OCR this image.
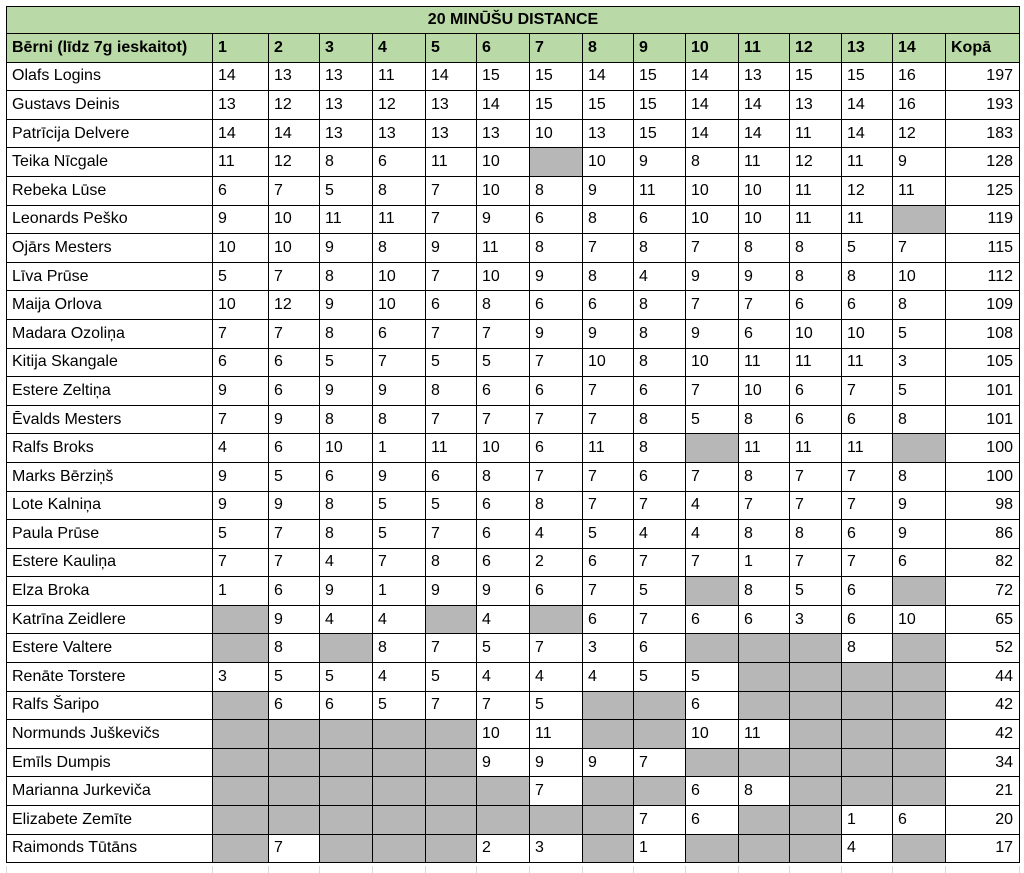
20 MINŪŠU DISTANCE															
Bērni (līdz 7g ieskaitot)	1	2	3	4	5	6	7	8	9	10	11	12	13	14	Kopā
Olafs Logins	14	13	13	11	14	15	15	14	15	14	13	15	15	16	197
Gustavs Deinis	13	12	13	12	13	14	15	15	15	14	14	13	14	16	193
Patrīcija Delvere	14	14	13	13	13	13	10	13	15	14	14	11	14	12	183
Teika Nīcgale	11	12	8	6	11	10		10	9	8	11	12	11	9	128
Rebeka Lūse	6	7	5	8	7	10	8	9	11	10	10	11	12	11	125
Leonards Peško	9	10	11	11	7	9	6	8	6	10	10	11	11		119
Ojārs Mesters	10	10	9	8	9	11	8	7	8	7	8	8	5	7	115
Līva Prūse	5	7	8	10	7	10	9	8	4	9	9	8	8	10	112
Maija Orlova	10	12	9	10	6	8	6	6	8	7	7	6	6	8	109
Madara Ozoliņa	7	7	8	6	7	7	9	9	8	9	6	10	10	5	108
Kitija Skangale	6	6	5	7	5	5	7	10	8	10	11	11	11	3	105
Estere Zeltiņa	9	6	9	9	8	6	6	7	6	7	10	6	7	5	101
Ēvalds Mesters	7	9	8	8	7	7	7	7	8	5	8	6	6	8	101
Ralfs Broks	4	6	10	1	11	10	6	11	8		11	11	11		100
Marks Bērziņš	9	5	6	9	6	8	7	7	6	7	8	7	7	8	100
Lote Kalniņa	9	9	8	5	5	6	8	7	7	4	7	7	7	9	98
Paula Prūse	5	7	8	5	7	6	4	5	4	4	8	8	6	9	86
Estere Kauliņa	7	7	4	7	8	6	2	6	7	7	1	7	7	6	82
Elza Broka	1	6	9	1	9	9	6	7	5		8	5	6		72
Katrīna Zeidlere		9	4	4		4		6	7	6	6	3	6	10	65
Estere Valtere		8		8	7	5	7	3	6				8		52
Renāte Torstere	3	5	5	4	5	4	4	4	5	5					44
Ralfs Šaripo		6	6	5	7	7	5			6					42
Normunds Juškevičs						10	11			10	11				42
Emīls Dumpis						9	9	9	7						34
Marianna Jurkeviča							7			6	8				21
Elizabete Zemīte									7	6			1	6	20
Raimonds Tūtāns		7				2	3		1				4		17
